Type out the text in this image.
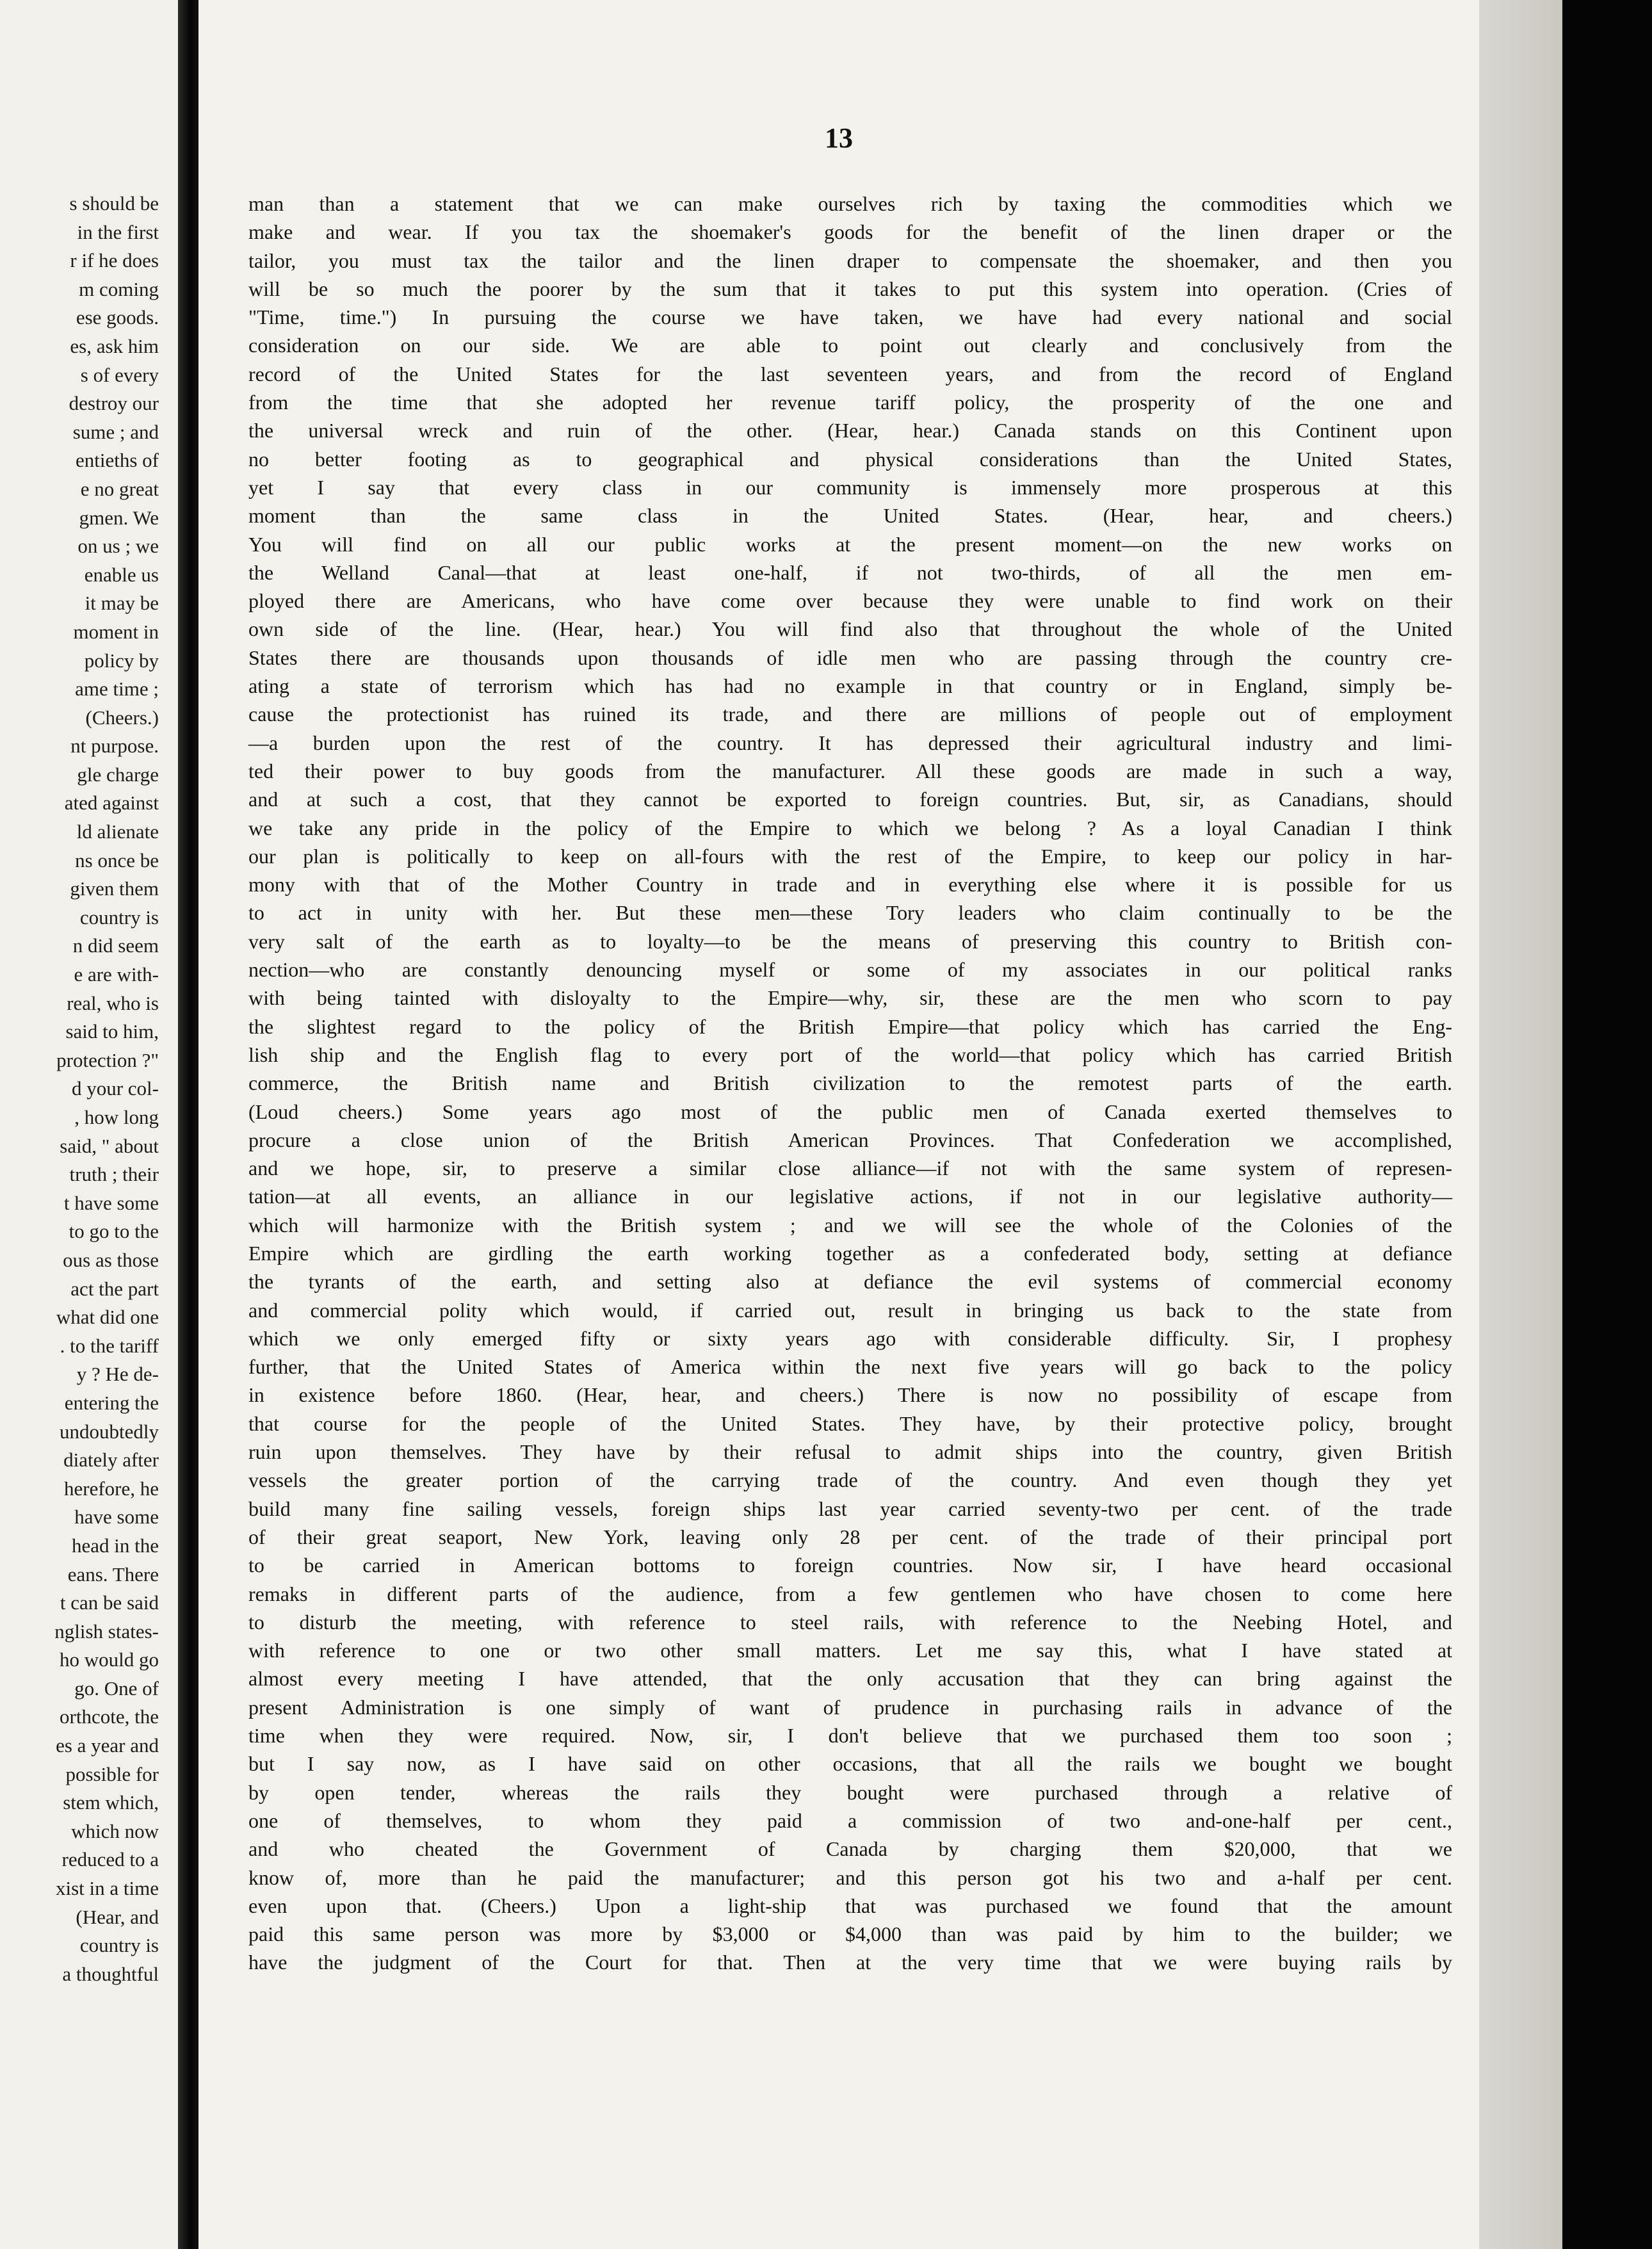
s should be
in the first
r if he does
m coming
ese goods.
es, ask him
s of every
destroy our
sume ; and
entieths of
e no great
gmen. We
on us ; we
enable us
it may be
moment in
policy by
ame time ;
(Cheers.)
nt purpose.
gle charge
ated against
ld alienate
ns once be
given them
country is
n did seem
e are with-
real, who is
said to him,
protection ?"
d your col-
, how long
said, " about
truth ; their
t have some
to go to the
ous as those
act the part
what did one
. to the tariff
y ? He de-
entering the
undoubtedly
diately after
herefore, he
have some
head in the
eans. There
t can be said
nglish states-
ho would go
go. One of
orthcote, the
es a year and
possible for
stem which,
which now
reduced to a
xist in a time
(Hear, and
country is
a thoughtful
13
man than a statement that we can make ourselves rich by taxing the commodities which we
make and wear. If you tax the shoemaker's goods for the benefit of the linen draper or the
tailor, you must tax the tailor and the linen draper to compensate the shoemaker, and then you
will be so much the poorer by the sum that it takes to put this system into operation. (Cries of
"Time, time.") In pursuing the course we have taken, we have had every national and social
consideration on our side. We are able to point out clearly and conclusively from the
record of the United States for the last seventeen years, and from the record of England
from the time that she adopted her revenue tariff policy, the prosperity of the one and
the universal wreck and ruin of the other. (Hear, hear.) Canada stands on this Continent upon
no better footing as to geographical and physical considerations than the United States,
yet I say that every class in our community is immensely more prosperous at this
moment than the same class in the United States. (Hear, hear, and cheers.)
You will find on all our public works at the present moment—on the new works on
the Welland Canal—that at least one-half, if not two-thirds, of all the men em-
ployed there are Americans, who have come over because they were unable to find work on their
own side of the line. (Hear, hear.) You will find also that throughout the whole of the United
States there are thousands upon thousands of idle men who are passing through the country cre-
ating a state of terrorism which has had no example in that country or in England, simply be-
cause the protectionist has ruined its trade, and there are millions of people out of employment
—a burden upon the rest of the country. It has depressed their agricultural industry and limi-
ted their power to buy goods from the manufacturer. All these goods are made in such a way,
and at such a cost, that they cannot be exported to foreign countries. But, sir, as Canadians, should
we take any pride in the policy of the Empire to which we belong ? As a loyal Canadian I think
our plan is politically to keep on all-fours with the rest of the Empire, to keep our policy in har-
mony with that of the Mother Country in trade and in everything else where it is possible for us
to act in unity with her. But these men—these Tory leaders who claim continually to be the
very salt of the earth as to loyalty—to be the means of preserving this country to British con-
nection—who are constantly denouncing myself or some of my associates in our political ranks
with being tainted with disloyalty to the Empire—why, sir, these are the men who scorn to pay
the slightest regard to the policy of the British Empire—that policy which has carried the Eng-
lish ship and the English flag to every port of the world—that policy which has carried British
commerce, the British name and British civilization to the remotest parts of the earth.
(Loud cheers.) Some years ago most of the public men of Canada exerted themselves to
procure a close union of the British American Provinces. That Confederation we accomplished,
and we hope, sir, to preserve a similar close alliance—if not with the same system of represen-
tation—at all events, an alliance in our legislative actions, if not in our legislative authority—
which will harmonize with the British system ; and we will see the whole of the Colonies of the
Empire which are girdling the earth working together as a confederated body, setting at defiance
the tyrants of the earth, and setting also at defiance the evil systems of commercial economy
and commercial polity which would, if carried out, result in bringing us back to the state from
which we only emerged fifty or sixty years ago with considerable difficulty. Sir, I prophesy
further, that the United States of America within the next five years will go back to the policy
in existence before 1860. (Hear, hear, and cheers.) There is now no possibility of escape from
that course for the people of the United States. They have, by their protective policy, brought
ruin upon themselves. They have by their refusal to admit ships into the country, given British
vessels the greater portion of the carrying trade of the country. And even though they yet
build many fine sailing vessels, foreign ships last year carried seventy-two per cent. of the trade
of their great seaport, New York, leaving only 28 per cent. of the trade of their principal port
to be carried in American bottoms to foreign countries. Now sir, I have heard occasional
remaks in different parts of the audience, from a few gentlemen who have chosen to come here
to disturb the meeting, with reference to steel rails, with reference to the Neebing Hotel, and
with reference to one or two other small matters. Let me say this, what I have stated at
almost every meeting I have attended, that the only accusation that they can bring against the
present Administration is one simply of want of prudence in purchasing rails in advance of the
time when they were required. Now, sir, I don't believe that we purchased them too soon ;
but I say now, as I have said on other occasions, that all the rails we bought we bought
by open tender, whereas the rails they bought were purchased through a relative of
one of themselves, to whom they paid a commission of two and-one-half per cent.,
and who cheated the Government of Canada by charging them $20,000, that we
know of, more than he paid the manufacturer; and this person got his two and a-half per cent.
even upon that. (Cheers.) Upon a light-ship that was purchased we found that the amount
paid this same person was more by $3,000 or $4,000 than was paid by him to the builder; we
have the judgment of the Court for that. Then at the very time that we were buying rails by
